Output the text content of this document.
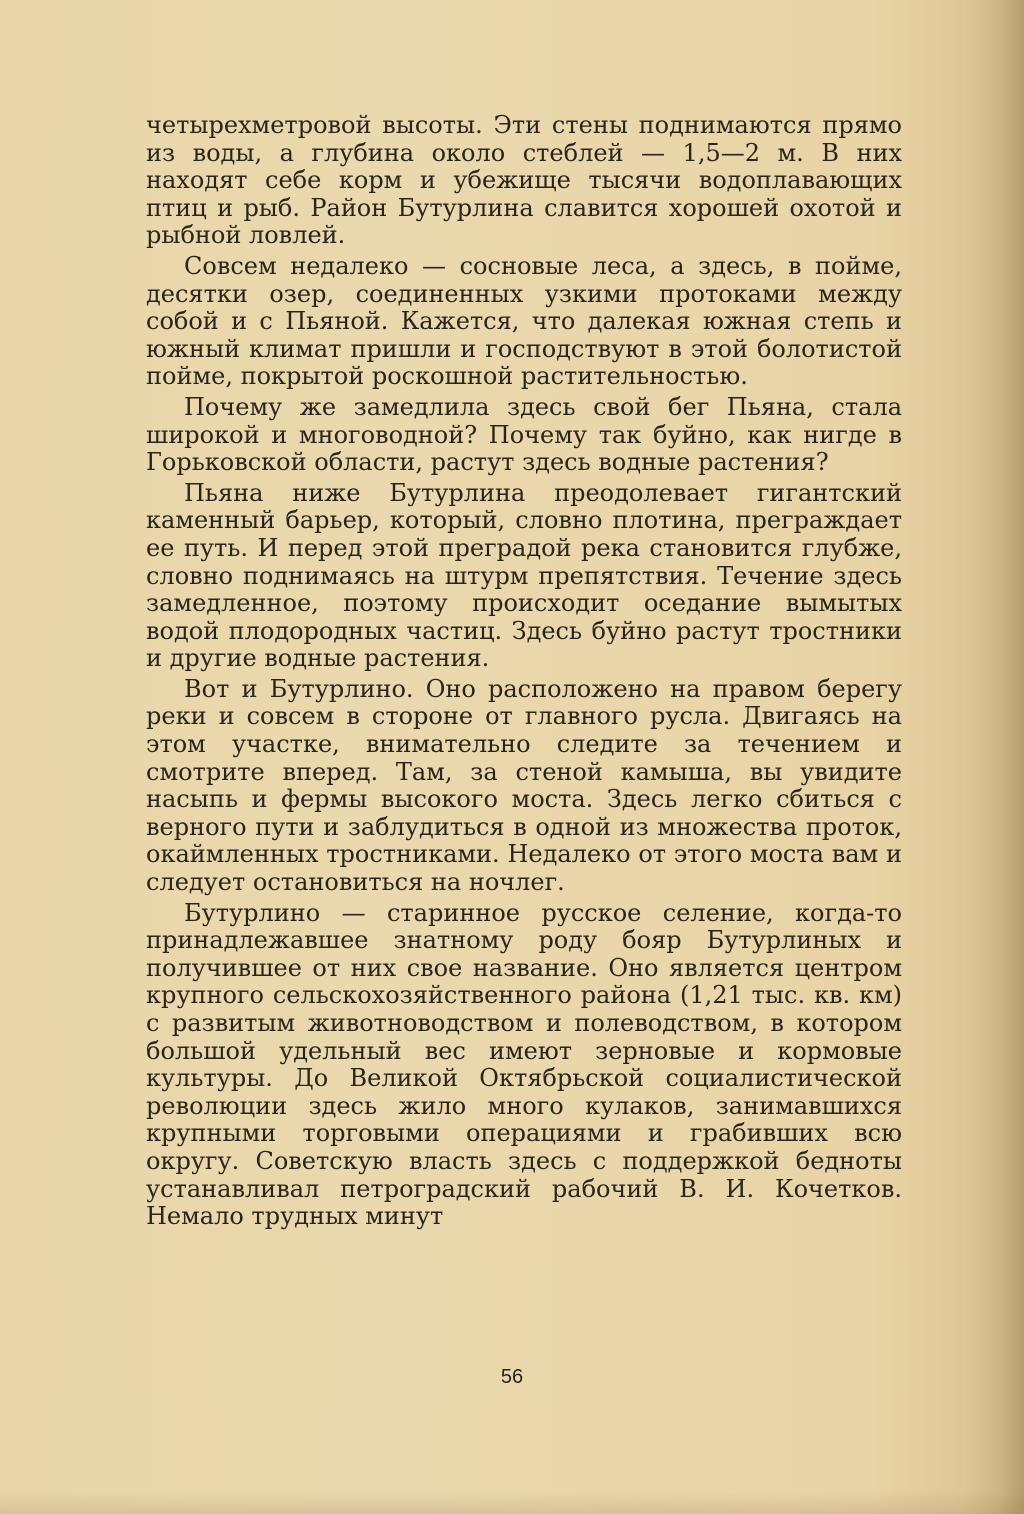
четырехметровой высоты. Эти стены поднимаются прямо из воды, а глубина около стеблей — 1,5—2 м. В них находят себе корм и убежище тысячи водоплавающих птиц и рыб. Район Бутурлина славится хорошей охотой и рыбной ловлей.

Совсем недалеко — сосновые леса, а здесь, в пойме, десятки озер, соединенных узкими протоками между собой и с Пьяной. Кажется, что далекая южная степь и южный климат пришли и господствуют в этой болотистой пойме, покрытой роскошной растительностью.

Почему же замедлила здесь свой бег Пьяна, стала широкой и многоводной? Почему так буйно, как нигде в Горьковской области, растут здесь водные растения?

Пьяна ниже Бутурлина преодолевает гигантский каменный барьер, который, словно плотина, преграждает ее путь. И перед этой преградой река становится глубже, словно поднимаясь на штурм препятствия. Течение здесь замедленное, поэтому происходит оседание вымытых водой плодородных частиц. Здесь буйно растут тростники и другие водные растения.

Вот и Бутурлино. Оно расположено на правом берегу реки и совсем в стороне от главного русла. Двигаясь на этом участке, внимательно следите за течением и смотрите вперед. Там, за стеной камыша, вы увидите насыпь и фермы высокого моста. Здесь легко сбиться с верного пути и заблудиться в одной из множества проток, окаймленных тростниками. Недалеко от этого моста вам и следует остановиться на ночлег.

Бутурлино — старинное русское селение, когда-то принадлежавшее знатному роду бояр Бутурлиных и получившее от них свое название. Оно является центром крупного сельскохозяйственного района (1,21 тыс. кв. км) с развитым животноводством и полеводством, в котором большой удельный вес имеют зерновые и кормовые культуры. До Великой Октябрьской социалистической революции здесь жило много кулаков, занимавшихся крупными торговыми операциями и грабивших всю округу. Советскую власть здесь с поддержкой бедноты устанавливал петроградский рабочий В. И. Кочетков. Немало трудных минут

56
